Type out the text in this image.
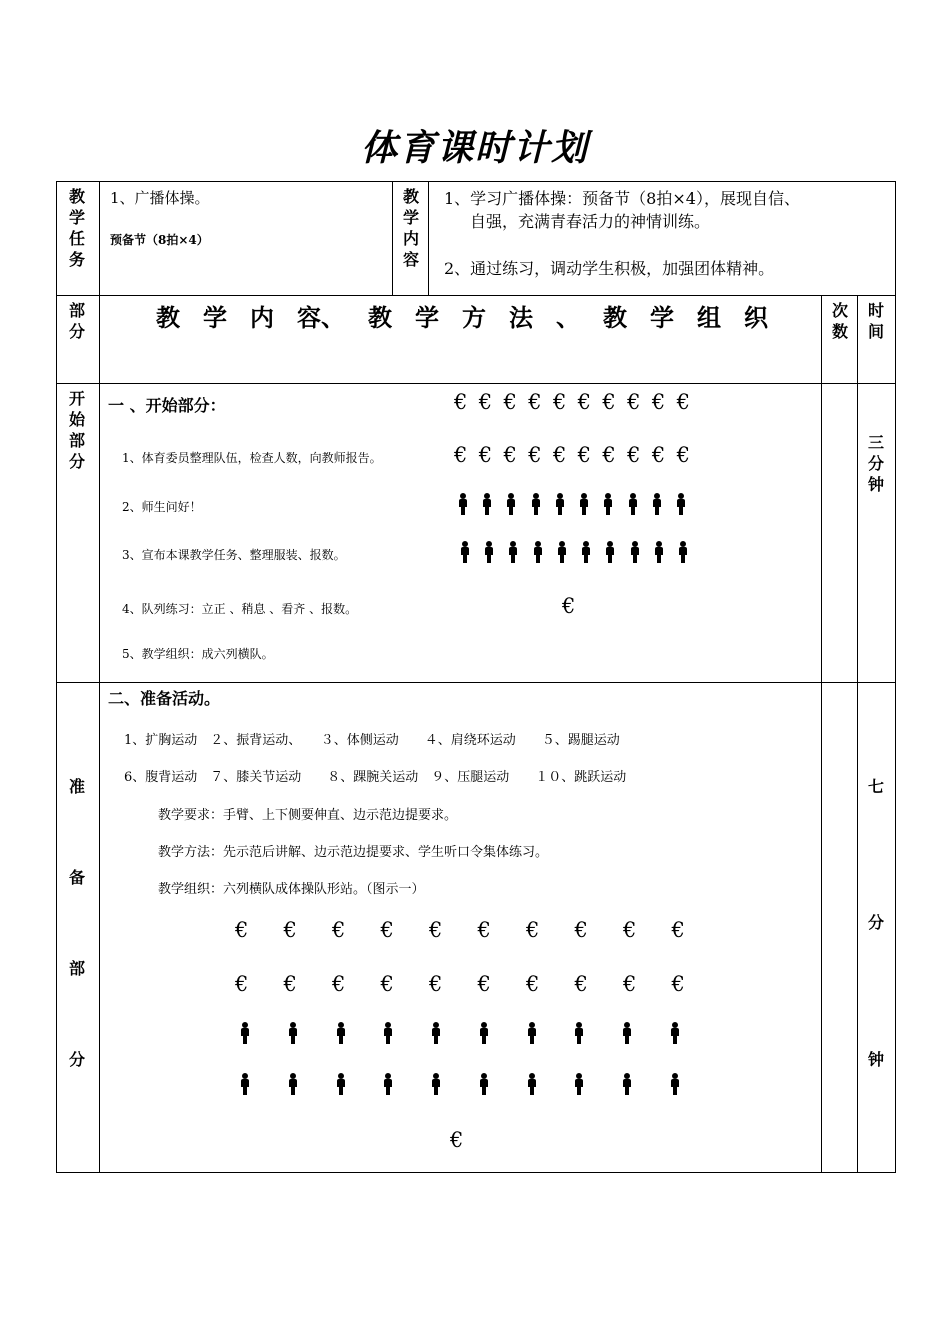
体育课时计划
教
学
任
务
1、广播体操。
预备节（8拍×4）
教
学
内
容
1、学习广播体操：预备节（8拍×4），展现自信、
自强，充满青春活力的神情训练。
2、通过练习，调动学生积极，加强团体精神。
部
分	教 学 内 容、 教 学 方 法 、 教 学 组 织	次
数
时
间
开
始
部
分
一 、开始部分：
1、体育委员整理队伍，检查人数，向教师报告。
2、师生问好！
3、宣布本课教学任务、整理服装、报数。
4、队列练习：立正 、稍息 、看齐 、报数。
5、教学组织：成六列横队。
€ € € € € € € € € €
€ € € € € € € € € €
€
三
分
钟
二、准备活动。
1、扩胸运动　２、振背运动、　　３、体侧运动　　４、肩绕环运动　　５、踢腿运动
6、腹背运动　７、膝关节运动　　８、踝腕关运动　９、压腿运动　　１０、跳跃运动
教学要求：手臂、上下侧要伸直、边示范边提要求。
教学方法：先示范后讲解、边示范边提要求、学生听口令集体练习。
教学组织：六列横队成体操队形站。（图示一）
€ € € € € € € € € €
€ € € € € € € € € €
€
准
备
部
分
七
分
钟
